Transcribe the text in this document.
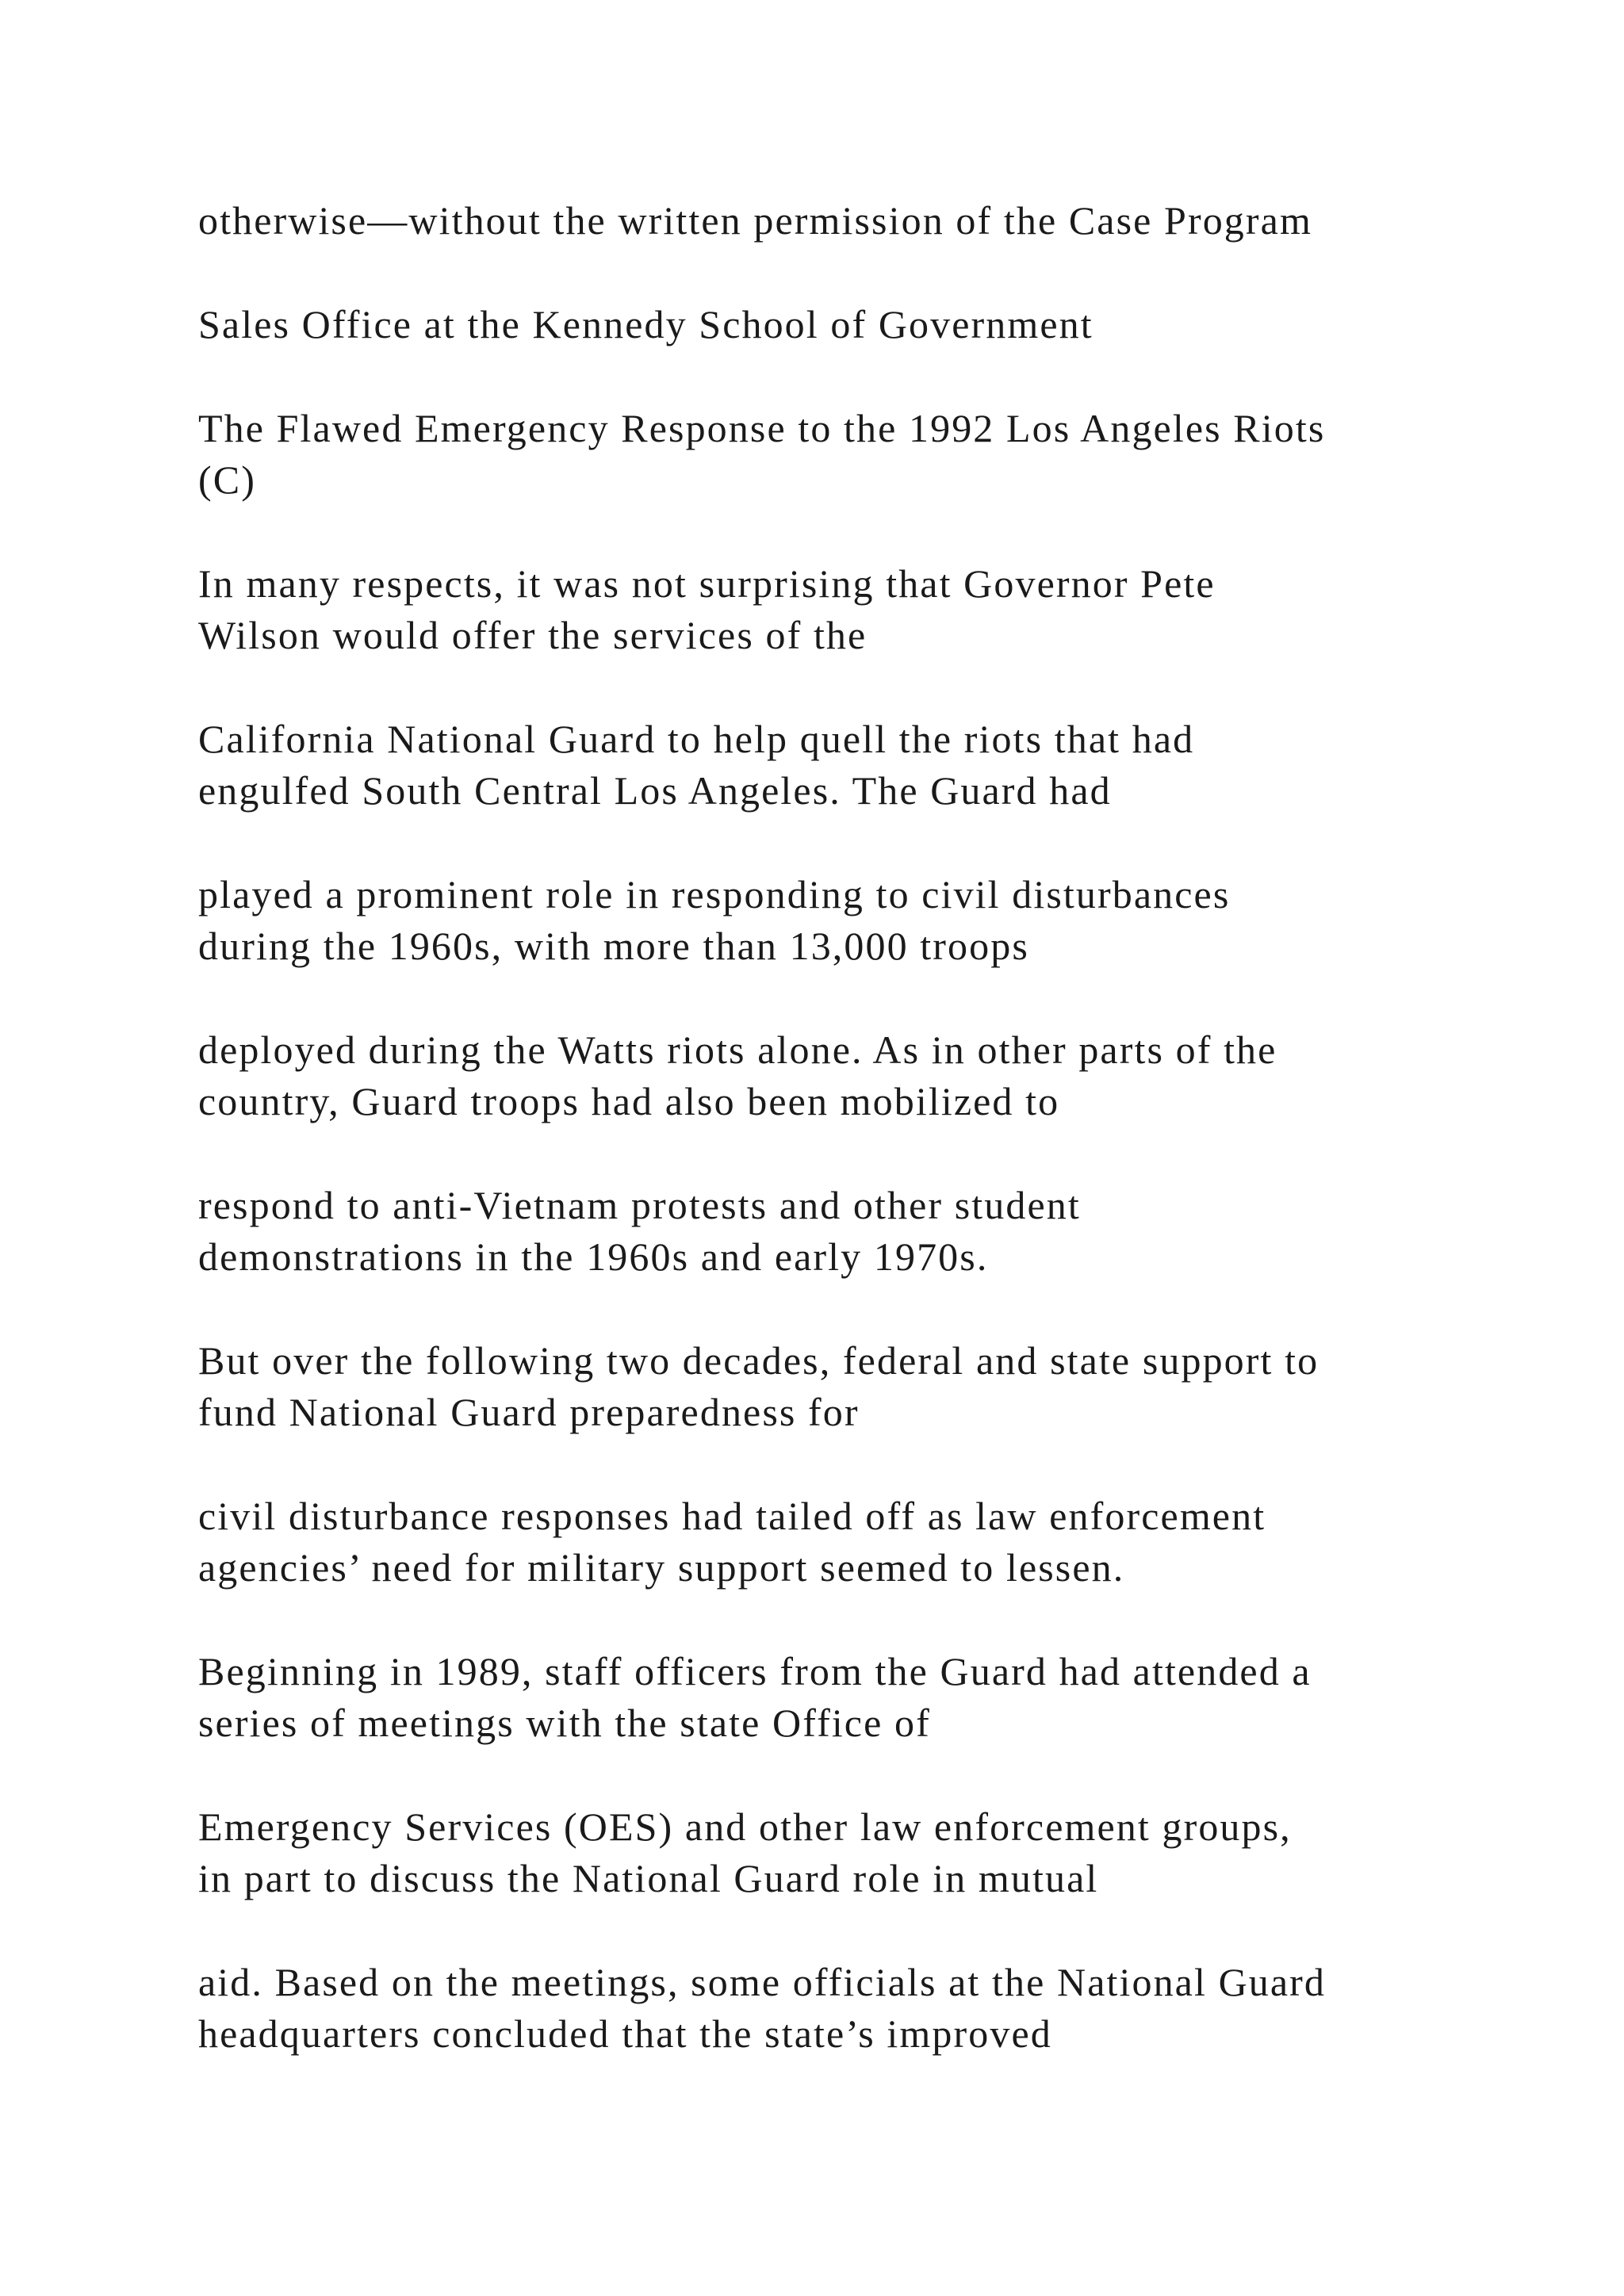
otherwise—without the written permission of the Case Program

Sales Office at the Kennedy School of Government

The Flawed Emergency Response to the 1992 Los Angeles Riots
(C)

In many respects, it was not surprising that Governor Pete
Wilson would offer the services of the

California National Guard to help quell the riots that had
engulfed South Central Los Angeles. The Guard had

played a prominent role in responding to civil disturbances
during the 1960s, with more than 13,000 troops

deployed during the Watts riots alone. As in other parts of the
country, Guard troops had also been mobilized to

respond to anti-Vietnam protests and other student
demonstrations in the 1960s and early 1970s.

But over the following two decades, federal and state support to
fund National Guard preparedness for

civil disturbance responses had tailed off as law enforcement
agencies’ need for military support seemed to lessen.

Beginning in 1989, staff officers from the Guard had attended a
series of meetings with the state Office of

Emergency Services (OES) and other law enforcement groups,
in part to discuss the National Guard role in mutual

aid. Based on the meetings, some officials at the National Guard
headquarters concluded that the state’s improved
